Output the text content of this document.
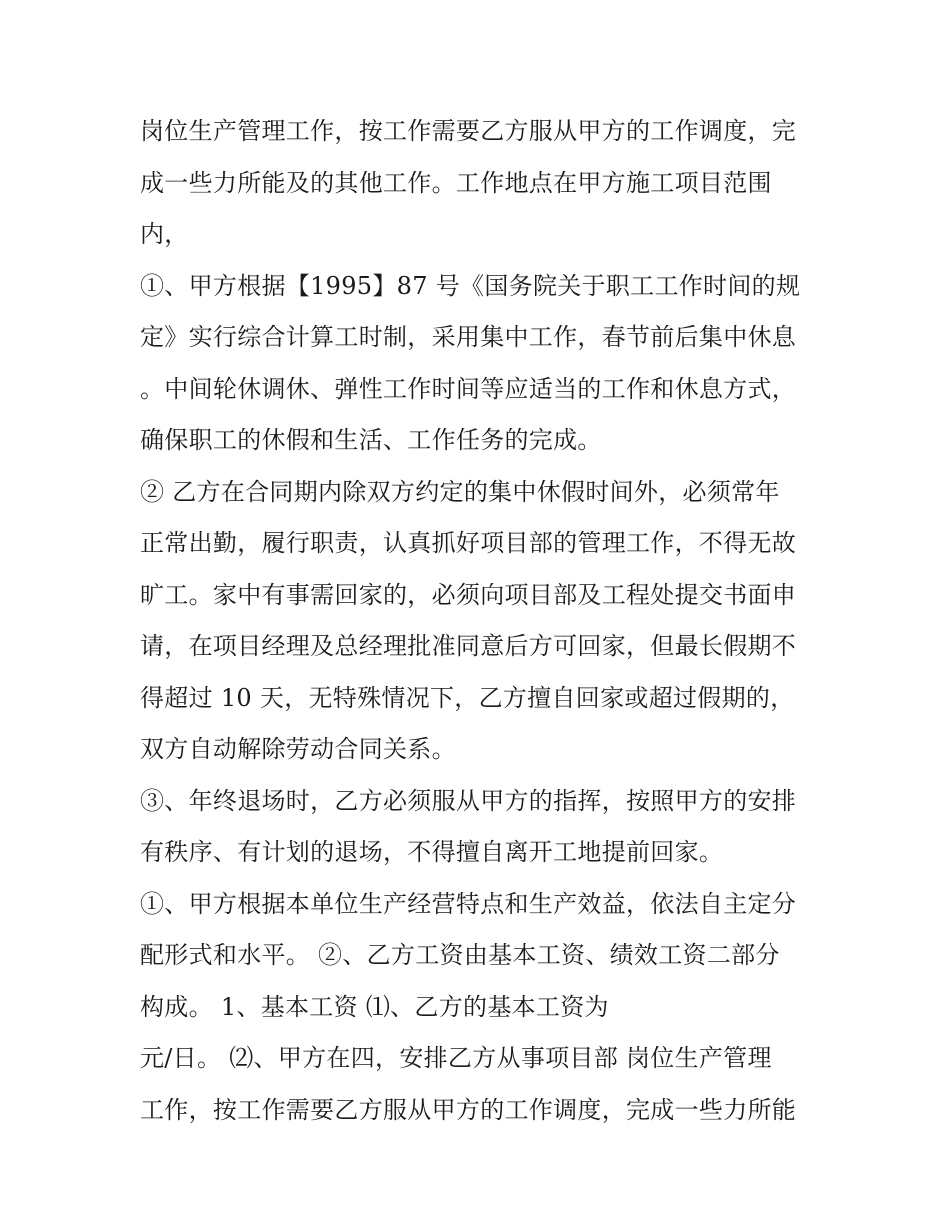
岗位生产管理工作，按工作需要乙方服从甲方的工作调度，完
成一些力所能及的其他工作。工作地点在甲方施工项目范围
内，
①、甲方根据【1995】87 号《国务院关于职工工作时间的规
定》实行综合计算工时制，采用集中工作，春节前后集中休息
。中间轮休调休、弹性工作时间等应适当的工作和休息方式，
确保职工的休假和生活、工作任务的完成。
② 乙方在合同期内除双方约定的集中休假时间外，必须常年
正常出勤，履行职责，认真抓好项目部的管理工作，不得无故
旷工。家中有事需回家的，必须向项目部及工程处提交书面申
请，在项目经理及总经理批准同意后方可回家，但最长假期不
得超过 10 天，无特殊情况下，乙方擅自回家或超过假期的，
双方自动解除劳动合同关系。
③、年终退场时，乙方必须服从甲方的指挥，按照甲方的安排
有秩序、有计划的退场，不得擅自离开工地提前回家。
①、甲方根据本单位生产经营特点和生产效益，依法自主定分
配形式和水平。 ②、乙方工资由基本工资、绩效工资二部分
构成。 1、基本工资 ⑴、乙方的基本工资为
元/日。 ⑵、甲方在四，安排乙方从事项目部 岗位生产管理
工作，按工作需要乙方服从甲方的工作调度，完成一些力所能
